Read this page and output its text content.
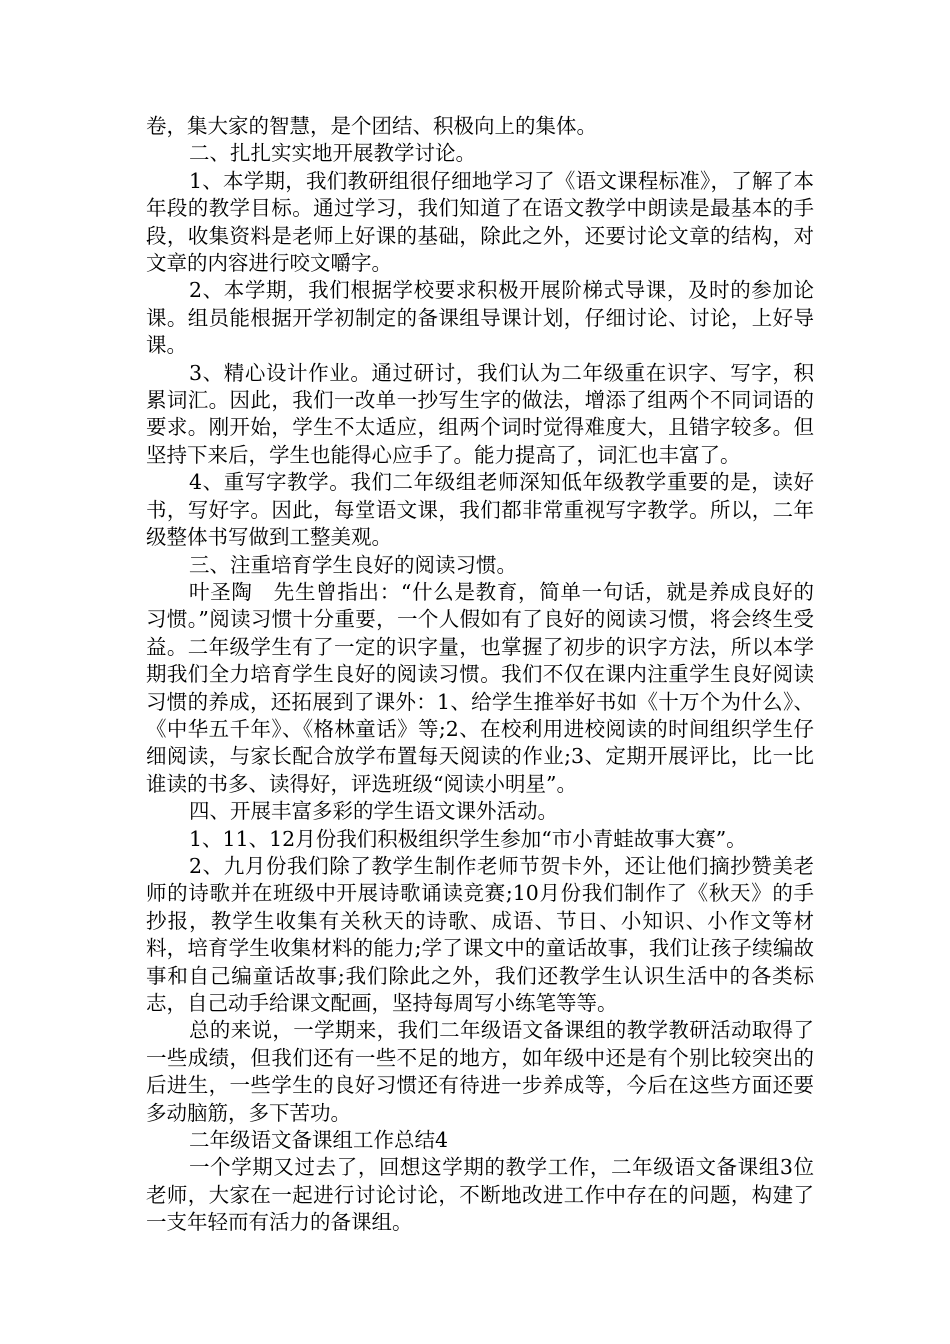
卷，集大家的智慧，是个团结、积极向上的集体。

二、扎扎实实地开展教学讨论。

1、本学期，我们教研组很仔细地学习了《语文课程标准》，了解了本年段的教学目标。通过学习，我们知道了在语文教学中朗读是最基本的手段，收集资料是老师上好课的基础，除此之外，还要讨论文章的结构，对文章的内容进行咬文嚼字。

2、本学期，我们根据学校要求积极开展阶梯式导课，及时的参加论课。组员能根据开学初制定的备课组导课计划，仔细讨论、讨论，上好导课。

3、精心设计作业。通过研讨，我们认为二年级重在识字、写字，积累词汇。因此，我们一改单一抄写生字的做法，增添了组两个不同词语的要求。刚开始，学生不太适应，组两个词时觉得难度大，且错字较多。但坚持下来后，学生也能得心应手了。能力提高了，词汇也丰富了。

4、重写字教学。我们二年级组老师深知低年级教学重要的是，读好书，写好字。因此，每堂语文课，我们都非常重视写字教学。所以，二年级整体书写做到工整美观。

三、注重培育学生良好的阅读习惯。

叶圣陶　先生曾指出：“什么是教育，简单一句话，就是养成良好的习惯。”阅读习惯十分重要，一个人假如有了良好的阅读习惯，将会终生受益。二年级学生有了一定的识字量，也掌握了初步的识字方法，所以本学期我们全力培育学生良好的阅读习惯。我们不仅在课内注重学生良好阅读习惯的养成，还拓展到了课外：1、给学生推举好书如《十万个为什么》、《中华五千年》、《格林童话》等;2、在校利用进校阅读的时间组织学生仔细阅读，与家长配合放学布置每天阅读的作业;3、定期开展评比，比一比谁读的书多、读得好，评选班级“阅读小明星”。

四、开展丰富多彩的学生语文课外活动。

1、11、12月份我们积极组织学生参加“市小青蛙故事大赛”。

2、九月份我们除了教学生制作老师节贺卡外，还让他们摘抄赞美老师的诗歌并在班级中开展诗歌诵读竞赛;10月份我们制作了《秋天》的手抄报，教学生收集有关秋天的诗歌、成语、节日、小知识、小作文等材料，培育学生收集材料的能力;学了课文中的童话故事，我们让孩子续编故事和自己编童话故事;我们除此之外，我们还教学生认识生活中的各类标志，自己动手给课文配画，坚持每周写小练笔等等。

总的来说，一学期来，我们二年级语文备课组的教学教研活动取得了一些成绩，但我们还有一些不足的地方，如年级中还是有个别比较突出的后进生，一些学生的良好习惯还有待进一步养成等，今后在这些方面还要多动脑筋，多下苦功。

二年级语文备课组工作总结4

一个学期又过去了，回想这学期的教学工作，二年级语文备课组3位老师，大家在一起进行讨论讨论，不断地改进工作中存在的问题，构建了一支年轻而有活力的备课组。
